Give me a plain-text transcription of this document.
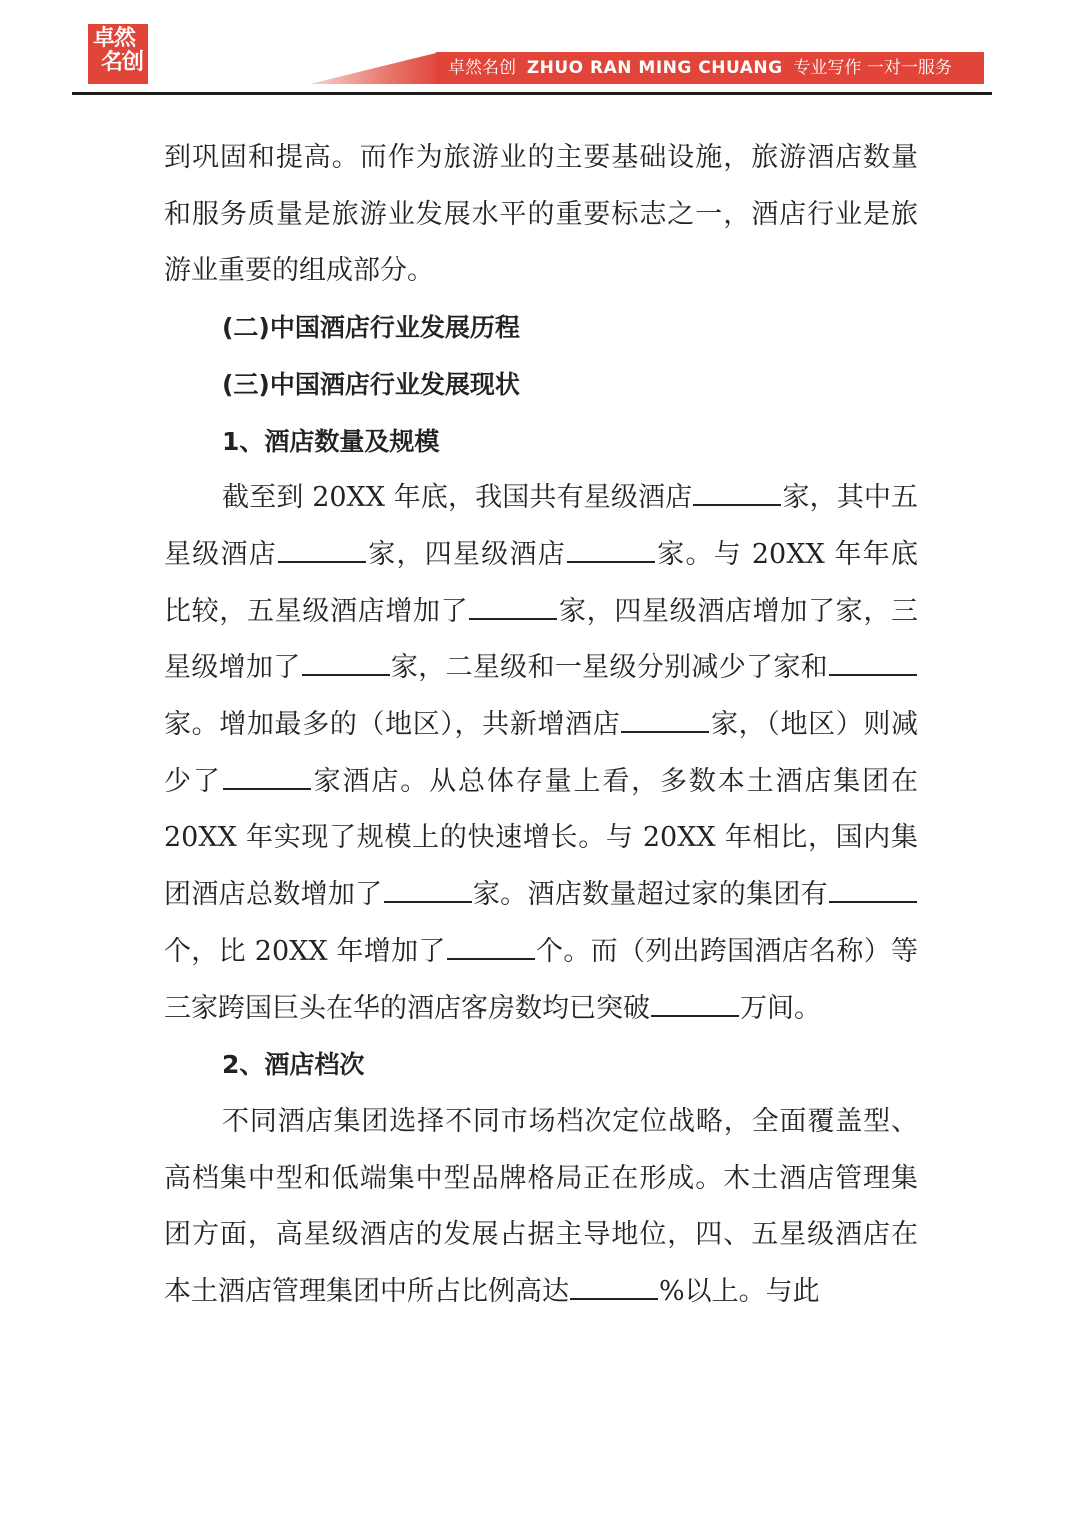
卓然
名创	卓然名创 ZHUO RAN MING CHUANG 专业写作 一对一服务

到巩固和提高。而作为旅游业的主要基础设施，旅游酒店数量和服务质量是旅游业发展水平的重要标志之一，酒店行业是旅游业重要的组成部分。

(二)中国酒店行业发展历程

(三)中国酒店行业发展现状

1、酒店数量及规模

截至到 20XX 年底，我国共有星级酒店	家，其中五星级酒店	家，四星级酒店	家。与 20XX 年年底比较，五星级酒店增加了	家，四星级酒店增加了家，三星级增加了	家，二星级和一星级分别减少了家和家。增加最多的（地区），共新增酒店	家，（地区）则减少了	家酒店。从总体存量上看，多数本土酒店集团在 20XX 年实现了规模上的快速增长。与 20XX 年相比，国内集团酒店总数增加了	家。酒店数量超过家的集团有个，比 20XX 年增加了	个。而（列出跨国酒店名称）等三家跨国巨头在华的酒店客房数均已突破	万间。

2、酒店档次

不同酒店集团选择不同市场档次定位战略，全面覆盖型、高档集中型和低端集中型品牌格局正在形成。木土酒店管理集团方面，高星级酒店的发展占据主导地位，四、五星级酒店在本土酒店管理集团中所占比例高达	%以上。与此
